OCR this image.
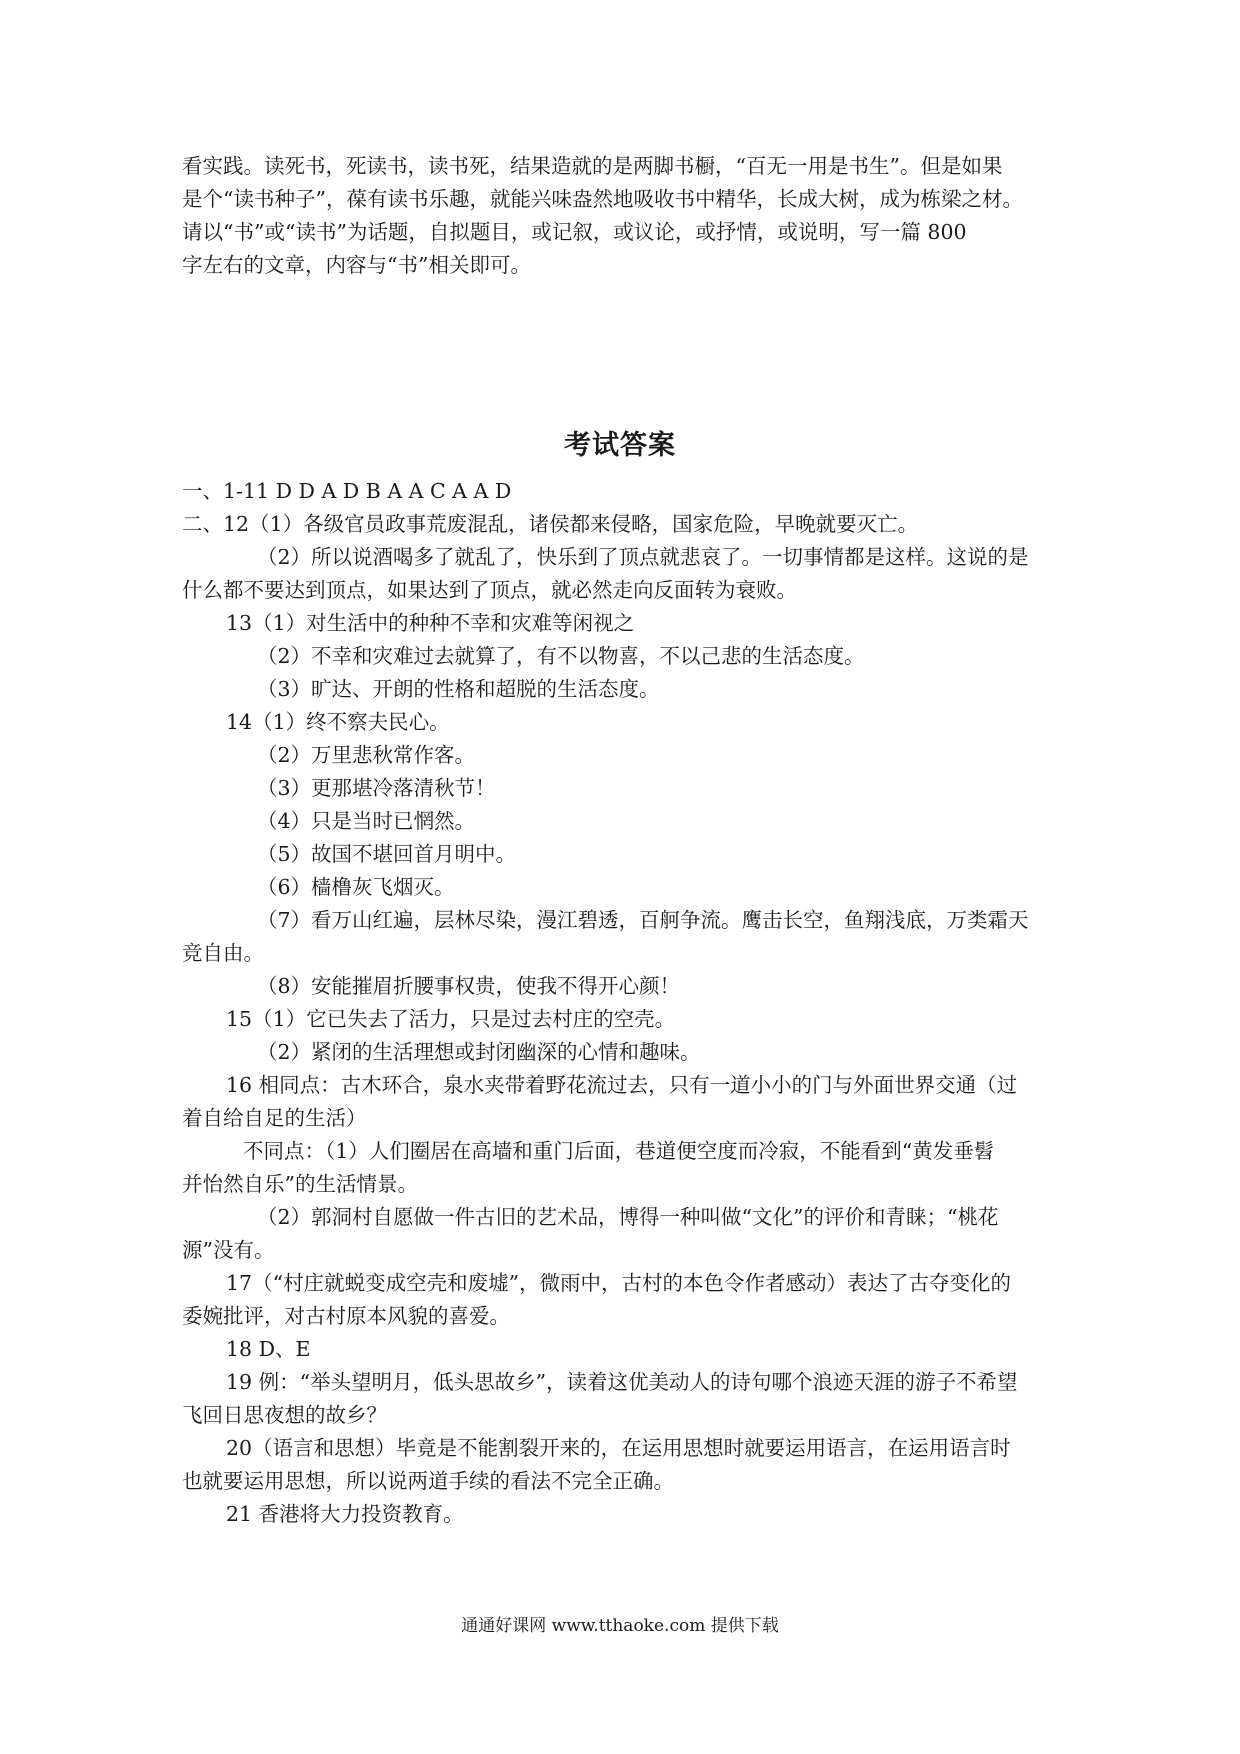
看实践。读死书，死读书，读书死，结果造就的是两脚书橱，“百无一用是书生”。但是如果

是个“读书种子”，葆有读书乐趣，就能兴味盎然地吸收书中精华，长成大树，成为栋梁之材。

请以“书”或“读书”为话题，自拟题目，或记叙，或议论，或抒情，或说明，写一篇 800

字左右的文章，内容与“书”相关即可。

考试答案

一、1-11 D D A D B A A C A A D

二、12（1）各级官员政事荒废混乱，诸侯都来侵略，国家危险，早晚就要灭亡。

（2）所以说酒喝多了就乱了，快乐到了顶点就悲哀了。一切事情都是这样。这说的是

什么都不要达到顶点，如果达到了顶点，就必然走向反面转为衰败。

13（1）对生活中的种种不幸和灾难等闲视之

（2）不幸和灾难过去就算了，有不以物喜，不以己悲的生活态度。

（3）旷达、开朗的性格和超脱的生活态度。

14（1）终不察夫民心。

（2）万里悲秋常作客。

（3）更那堪冷落清秋节！

（4）只是当时已惘然。

（5）故国不堪回首月明中。

（6）樯橹灰飞烟灭。

（7）看万山红遍，层林尽染，漫江碧透，百舸争流。鹰击长空，鱼翔浅底，万类霜天

竞自由。

（8）安能摧眉折腰事权贵，使我不得开心颜！

15（1）它已失去了活力，只是过去村庄的空壳。

（2）紧闭的生活理想或封闭幽深的心情和趣味。

16 相同点：古木环合，泉水夹带着野花流过去，只有一道小小的门与外面世界交通（过

着自给自足的生活）

不同点：（1）人们圈居在高墙和重门后面，巷道便空度而冷寂，不能看到“黄发垂髫

并怡然自乐”的生活情景。

（2）郭洞村自愿做一件古旧的艺术品，博得一种叫做“文化”的评价和青睐；“桃花

源”没有。

17（“村庄就蜕变成空壳和废墟”，微雨中，古村的本色令作者感动）表达了古夺变化的

委婉批评，对古村原本风貌的喜爱。

18 D、E

19 例：“举头望明月，低头思故乡”，读着这优美动人的诗句哪个浪迹天涯的游子不希望

飞回日思夜想的故乡？

20（语言和思想）毕竟是不能割裂开来的，在运用思想时就要运用语言，在运用语言时

也就要运用思想，所以说两道手续的看法不完全正确。

21 香港将大力投资教育。

通通好课网 www.tthaoke.com 提供下载
